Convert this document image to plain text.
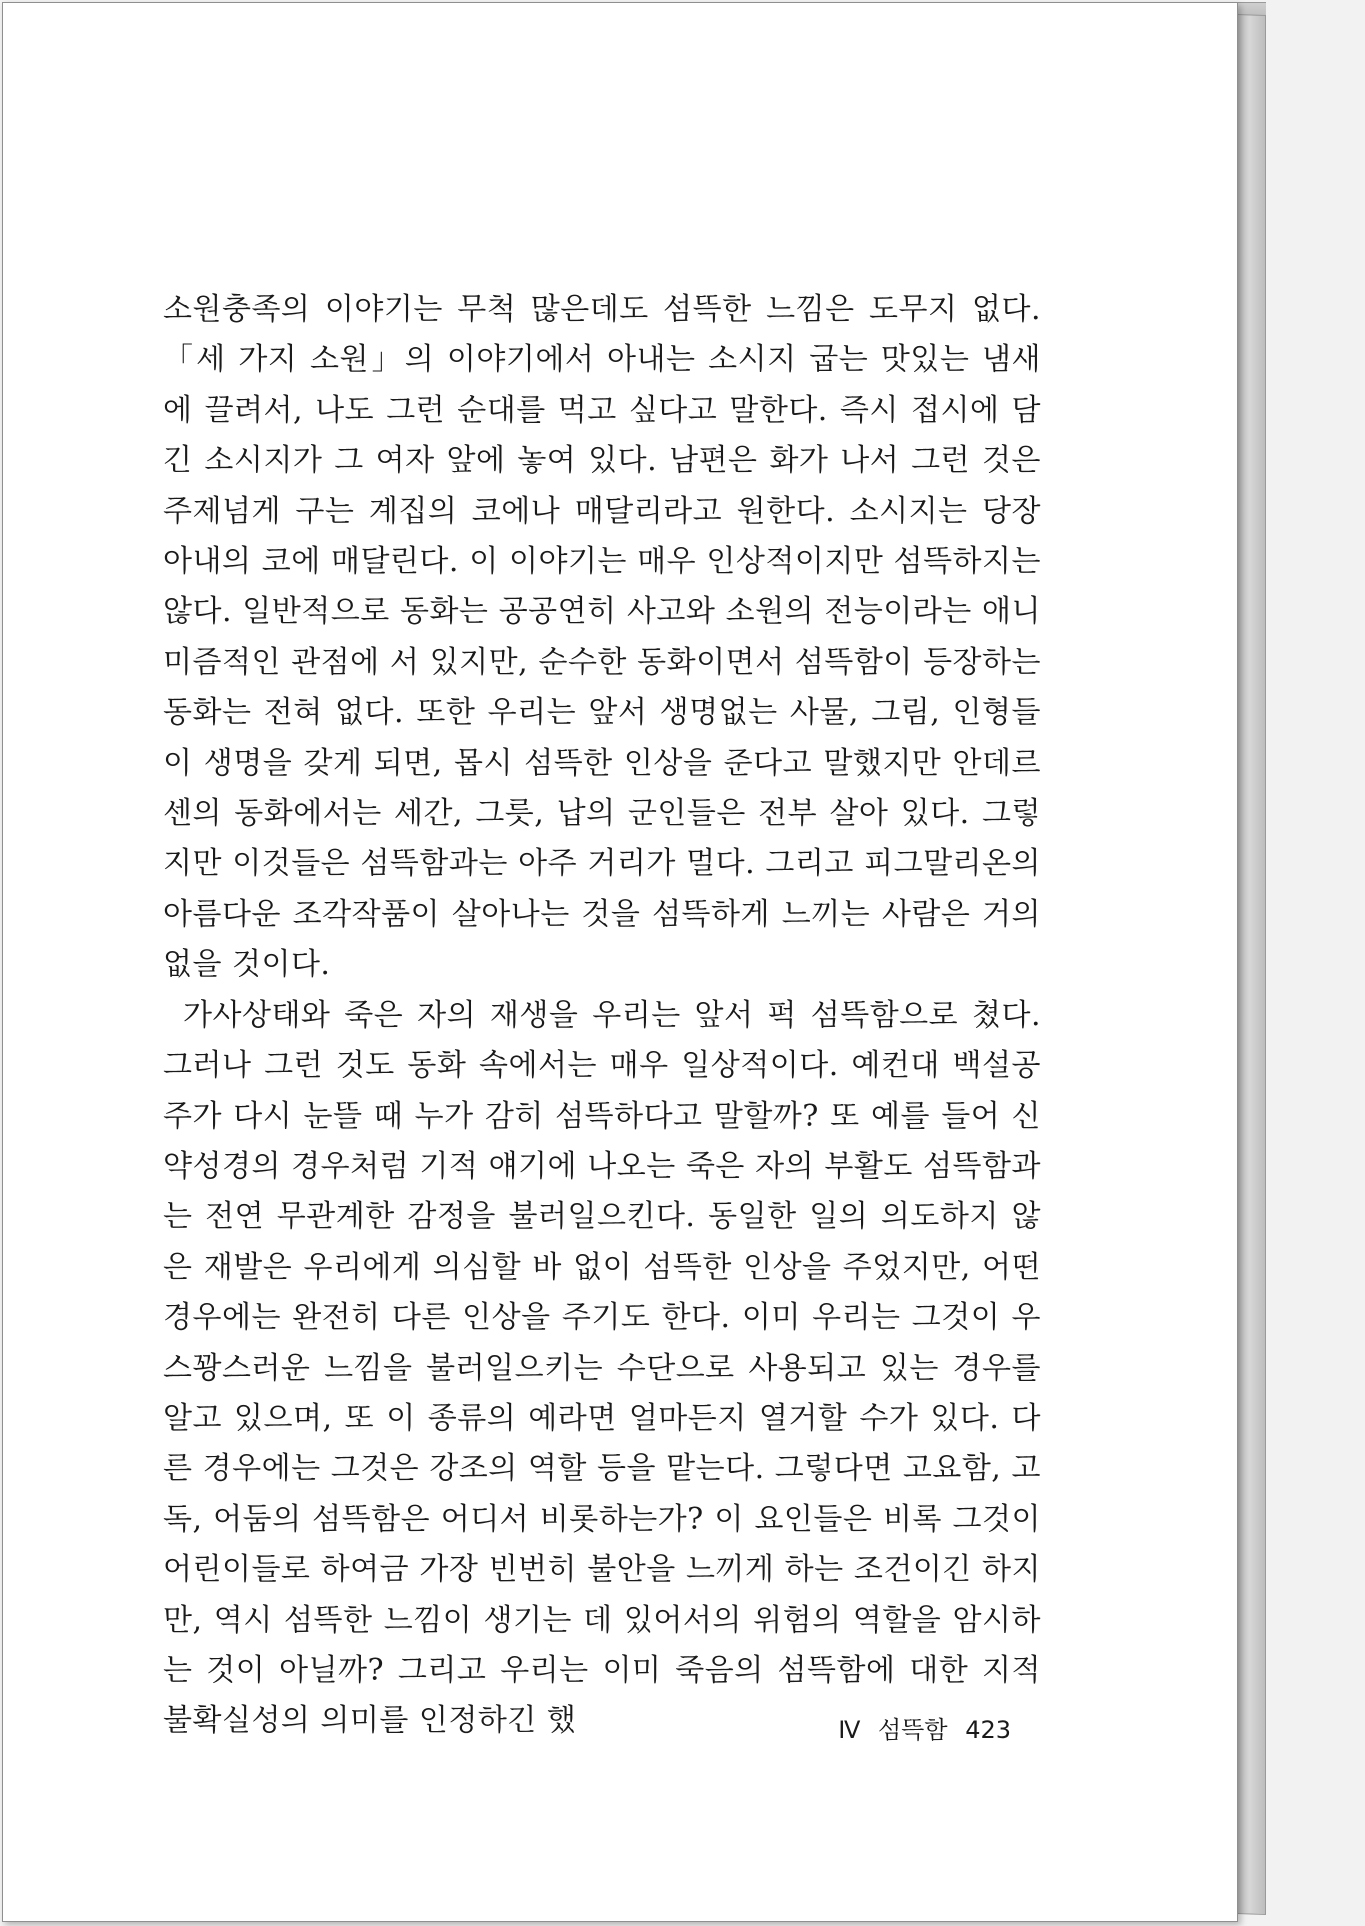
소원충족의 이야기는 무척 많은데도 섬뜩한 느낌은 도무지 없다. 「세 가지 소원」의 이야기에서 아내는 소시지 굽는 맛있는 냄새에 끌려서, 나도 그런 순대를 먹고 싶다고 말한다. 즉시 접시에 담긴 소시지가 그 여자 앞에 놓여 있다. 남편은 화가 나서 그런 것은 주제넘게 구는 계집의 코에나 매달리라고 원한다. 소시지는 당장 아내의 코에 매달린다. 이 이야기는 매우 인상적이지만 섬뜩하지는 않다. 일반적으로 동화는 공공연히 사고와 소원의 전능이라는 애니미즘적인 관점에 서 있지만, 순수한 동화이면서 섬뜩함이 등장하는 동화는 전혀 없다. 또한 우리는 앞서 생명없는 사물, 그림, 인형들이 생명을 갖게 되면, 몹시 섬뜩한 인상을 준다고 말했지만 안데르센의 동화에서는 세간, 그릇, 납의 군인들은 전부 살아 있다. 그렇지만 이것들은 섬뜩함과는 아주 거리가 멀다. 그리고 피그말리온의 아름다운 조각작품이 살아나는 것을 섬뜩하게 느끼는 사람은 거의 없을 것이다.

가사상태와 죽은 자의 재생을 우리는 앞서 퍽 섬뜩함으로 쳤다. 그러나 그런 것도 동화 속에서는 매우 일상적이다. 예컨대 백설공주가 다시 눈뜰 때 누가 감히 섬뜩하다고 말할까? 또 예를 들어 신약성경의 경우처럼 기적 얘기에 나오는 죽은 자의 부활도 섬뜩함과는 전연 무관계한 감정을 불러일으킨다. 동일한 일의 의도하지 않은 재발은 우리에게 의심할 바 없이 섬뜩한 인상을 주었지만, 어떤 경우에는 완전히 다른 인상을 주기도 한다. 이미 우리는 그것이 우스꽝스러운 느낌을 불러일으키는 수단으로 사용되고 있는 경우를 알고 있으며, 또 이 종류의 예라면 얼마든지 열거할 수가 있다. 다른 경우에는 그것은 강조의 역할 등을 맡는다. 그렇다면 고요함, 고독, 어둠의 섬뜩함은 어디서 비롯하는가? 이 요인들은 비록 그것이 어린이들로 하여금 가장 빈번히 불안을 느끼게 하는 조건이긴 하지만, 역시 섬뜩한 느낌이 생기는 데 있어서의 위험의 역할을 암시하는 것이 아닐까? 그리고 우리는 이미 죽음의 섬뜩함에 대한 지적 불확실성의 의미를 인정하긴 했	Ⅳ 섬뜩함 423
